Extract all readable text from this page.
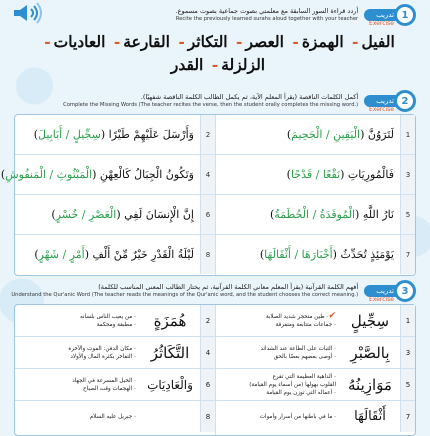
1
تدريب
Exercise
أردد قراءة السور السابقة مع معلمتي بصوت جماعية بصوت مسموع.
Recite the previously learned surahs aloud together with your teacher
الفيل- الهمزة- العصر- التكاثر- القارعة- العاديات-
الزلزلة- القدر
2
تدريب
Exercise
أكمل الكلمات الناقصة (يقرأ المعلم الآية، ثم يكمل الطالب الكلمة الناقصة شفهيًا).
Complete the Missing Words (The teacher recites the verse, then the student orally completes the missing word.)
1
لَتَرَوُنَّ (الْيَقِينِ / الْجَحِيمَ)
2
وَأَرْسَلَ عَلَيْهِمْ طَيْرًا (سِجِّيلٍ / أَبَابِيلَ)
3
فَالْمُورِيَاتِ (نَقْعًا / قَدْحًا)
4
وَتَكُونُ الْجِبَالُ كَالْعِهْنِ (الْمَبْثُوثِ / الْمَنفُوشِ)
5
نَارُ اللَّهِ (الْمُوقَدَةُ / الْحُطَمَةُ)
6
إِنَّ الْإِنسَانَ لَفِي (الْعَصْرِ / خُسْرٍ)
7
يَوْمَئِذٍ تُحَدِّثُ (أَخْبَارَهَا / أَثْقَالَهَا)
8
لَيْلَةُ الْقَدْرِ خَيْرٌ مِّنْ أَلْفِ (أَمْرٍ / شَهْرٍ)
3
تدريب
Exercise
أفهم الكلمة القرآنية (يقرأ المعلم معاني الكلمة القرآنية، ثم يختار الطالب المعنى المناسب للكلمة)
Understand the Qur'anic Word (The teacher reads the meanings of the Qur'anic word, and the student chooses the correct meaning.)
1
سِجِّيلٍ
✔- طين متحجر شديد الصلابة
- جماعات متتابعة ومتفرقة
2
هُمَزَةٍ
- من يعيب الناس بلسانه
- مطبقة ومحكمة
3
بِالصَّبْرِ
- الثبات على الطاعة عند الشدائد
- أوصى بعضهم بعضًا بالحق
4
التَّكَاثُرُ
- مكان الدفن: الموت والآخرة
- التفاخر بكثرة المال والأولاد
5
مَوَازِينُهُ
- الداهية العظيمة التي تقرع
القلوب بهولها (من أسماء يوم القيامة)
- أعماله التي توزن يوم القيامة
6
وَالْعَادِيَاتِ
- الخيل المسرعة في الجهاد
- الهجمات وقت الصباح
7
أَثْقَالَهَا
- ما في باطنها من أسرار وأموات
8
- جبريل عليه السلام
